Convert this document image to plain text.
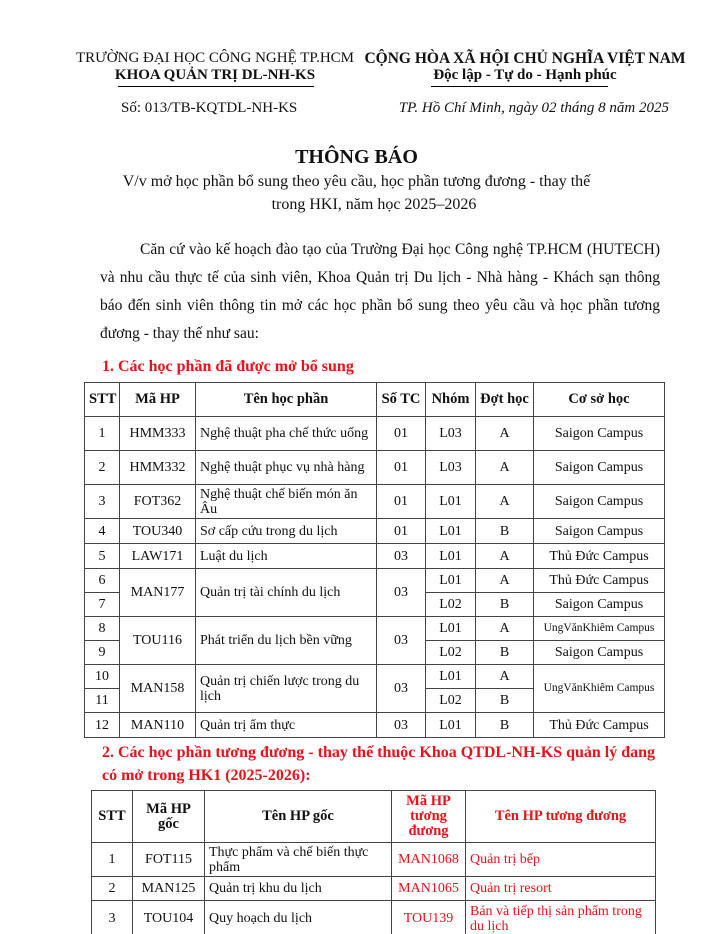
TRƯỜNG ĐẠI HỌC CÔNG NGHỆ TP.HCM
KHOA QUẢN TRỊ DL-NH-KS
CỘNG HÒA XÃ HỘI CHỦ NGHĨA VIỆT NAM
Độc lập - Tự do - Hạnh phúc
Số: 013/TB-KQTDL-NH-KS	TP. Hồ Chí Minh, ngày 02 tháng 8 năm 2025
THÔNG BÁO
V/v mở học phần bổ sung theo yêu cầu, học phần tương đương - thay thế
trong HKI, năm học 2025–2026

Căn cứ vào kế hoạch đào tạo của Trường Đại học Công nghệ TP.HCM (HUTECH) và nhu cầu thực tế của sinh viên, Khoa Quản trị Du lịch - Nhà hàng - Khách sạn thông báo đến sinh viên thông tin mở các học phần bổ sung theo yêu cầu và học phần tương đương - thay thế như sau:

1. Các học phần đã được mở bổ sung
STT	Mã HP	Tên học phần	Số TC	Nhóm	Đợt học	Cơ sở học
1	HMM333	Nghệ thuật pha chế thức uống	01	L03	A	Saigon Campus
2	HMM332	Nghệ thuật phục vụ nhà hàng	01	L03	A	Saigon Campus
3	FOT362	Nghệ thuật chế biến món ăn Âu	01	L01	A	Saigon Campus
4	TOU340	Sơ cấp cứu trong du lịch	01	L01	B	Saigon Campus
5	LAW171	Luật du lịch	03	L01	A	Thủ Đức Campus
6	MAN177	Quản trị tài chính du lịch	03	L01	A	Thủ Đức Campus
7				L02	B	Saigon Campus
8	TOU116	Phát triển du lịch bền vững	03	L01	A	UngVănKhiêm Campus
9				L02	B	Saigon Campus
10	MAN158	Quản trị chiến lược trong du lịch	03	L01	A	UngVănKhiêm Campus
11				L02	B	
12	MAN110	Quản trị ẩm thực	03	L01	B	Thủ Đức Campus
2. Các học phần tương đương - thay thế thuộc Khoa QTDL-NH-KS quản lý đang
có mở trong HK1 (2025-2026):
STT	Mã HP gốc	Tên HP gốc	Mã HP tương đương	Tên HP tương đương
1	FOT115	Thực phẩm và chế biến thực phẩm	MAN1068	Quản trị bếp
2	MAN125	Quản trị khu du lịch	MAN1065	Quản trị resort
3	TOU104	Quy hoạch du lịch	TOU139	Bán và tiếp thị sản phẩm trong du lịch
